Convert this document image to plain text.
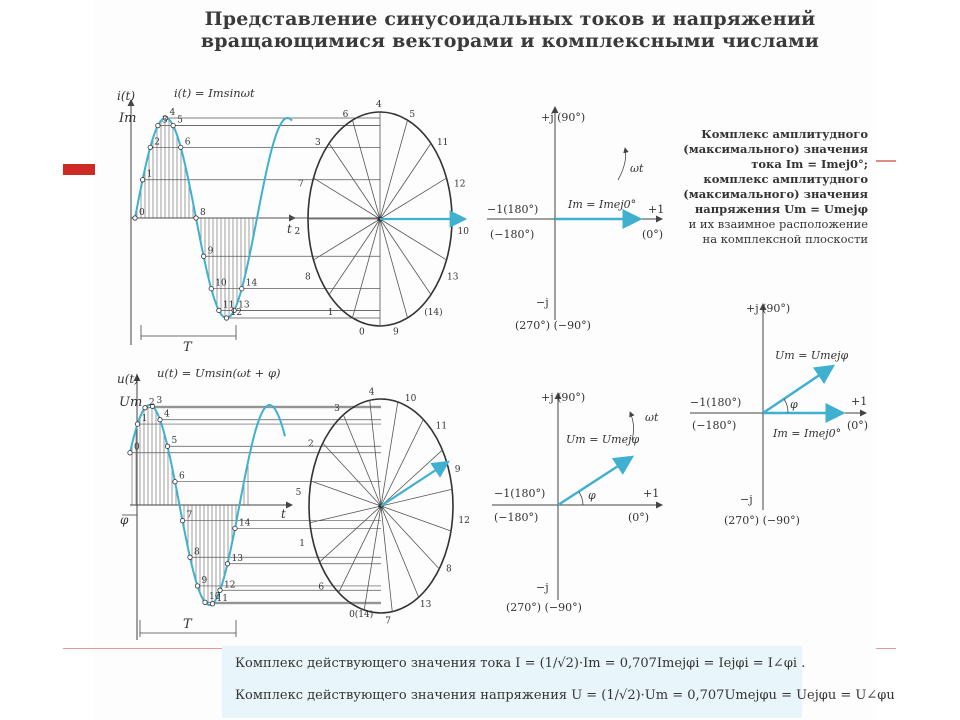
Представление синусоидальных токов и напряжений
вращающимися векторами и комплексными числами
0
1
2
3
4
5
6
8
9
10
11
12
13
14
i(t)
Im
i(t) = Imsinωt
t
T
5
4
6
3
7
2
8
1
0	9
(14)
13
10
12
11
0
1
2 3
4
5
6
7
8
9
10
11
12
13
14
u(t)
Um
u(t) = Umsin(ωt + φ)
t
φ
T
4
3
2
5
1
6
0(14)
7
13
8
12
9
11
10
+j (90°)
−j
(270°) (−90°)
−1(180°)
(−180°)
+1
(0°)
Im = Imej0°
ωt
+j (90°)
−j
(270°) (−90°)
−1(180°)
(−180°)
+1
(0°)
Um = Umejφ
φ
ωt
+j (90°)
−j
(270°) (−90°)
−1(180°)
(−180°)
+1
(0°)
Um = Umejφ
Im = Imej0°
φ
Комплекс амплитудного
(максимального) значения
тока Im = Imej0°;
комплекс амплитудного
(максимального) значения
напряжения Um = Umejφ
и их взаимное расположение
на комплексной плоскости
Комплекс действующего значения тока I = (1/√2)·Im = 0,707Imejφi = Iejφi = I∠φi .
Комплекс действующего значения напряжения U = (1/√2)·Um = 0,707Umejφu = Uejφu = U∠φu
